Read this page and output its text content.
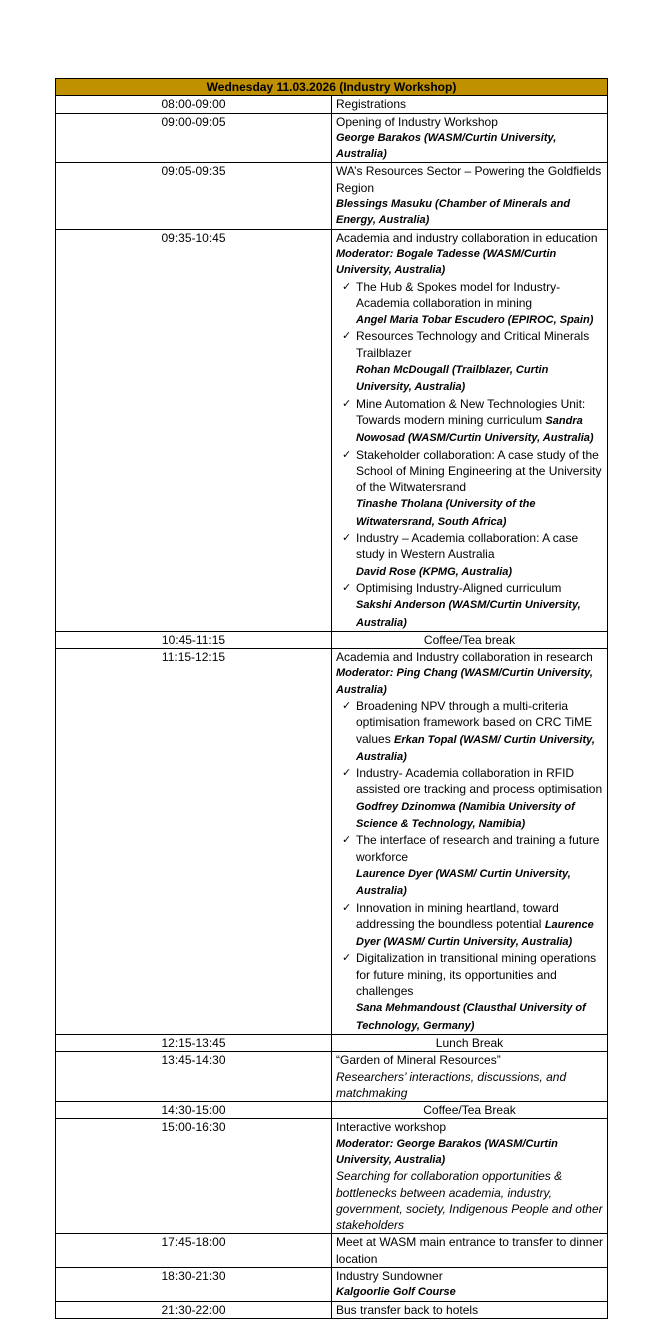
Wednesday 11.03.2026 (Industry Workshop)	
08:00-09:00	Registrations

09:00-09:05	Opening of Industry Workshop
George Barakos (WASM/Curtin University, Australia)

09:05-09:35	WA’s Resources Sector – Powering the Goldfields Region
Blessings Masuku (Chamber of Minerals and Energy, Australia)

09:35-10:45	Academia and industry collaboration in education
Moderator: Bogale Tadesse (WASM/Curtin University, Australia)
✓ The Hub & Spokes model for Industry-Academia collaboration in mining
Angel Maria Tobar Escudero (EPIROC, Spain)
✓ Resources Technology and Critical Minerals Trailblazer
Rohan McDougall (Trailblazer, Curtin University, Australia)
✓ Mine Automation & New Technologies Unit: Towards modern mining curriculum Sandra Nowosad (WASM/Curtin University, Australia)
✓ Stakeholder collaboration: A case study of the School of Mining Engineering at the University of the Witwatersrand
Tinashe Tholana (University of the Witwatersrand, South Africa)
✓ Industry – Academia collaboration: A case study in Western Australia
David Rose (KPMG, Australia)
✓ Optimising Industry-Aligned curriculum
Sakshi Anderson (WASM/Curtin University, Australia)

10:45-11:15	Coffee/Tea break
11:15-12:15	Academia and Industry collaboration in research
Moderator: Ping Chang (WASM/Curtin University, Australia)
✓ Broadening NPV through a multi-criteria optimisation framework based on CRC TiME values Erkan Topal (WASM/ Curtin University, Australia)
✓ Industry- Academia collaboration in RFID assisted ore tracking and process optimisation
Godfrey Dzinomwa (Namibia University of Science & Technology, Namibia)
✓ The interface of research and training a future workforce
Laurence Dyer (WASM/ Curtin University, Australia)
✓ Innovation in mining heartland, toward addressing the boundless potential Laurence Dyer (WASM/ Curtin University, Australia)
✓ Digitalization in transitional mining operations for future mining, its opportunities and challenges
Sana Mehmandoust (Clausthal University of Technology, Germany)

12:15-13:45	Lunch Break
13:45-14:30	“Garden of Mineral Resources”
Researchers’ interactions, discussions, and matchmaking

14:30-15:00	Coffee/Tea Break
15:00-16:30	Interactive workshop
Moderator: George Barakos (WASM/Curtin University, Australia)
Searching for collaboration opportunities & bottlenecks between academia, industry, government, society, Indigenous People and other stakeholders

17:45-18:00	Meet at WASM main entrance to transfer to dinner location

18:30-21:30	Industry Sundowner
Kalgoorlie Golf Course

21:30-22:00	Bus transfer back to hotels
